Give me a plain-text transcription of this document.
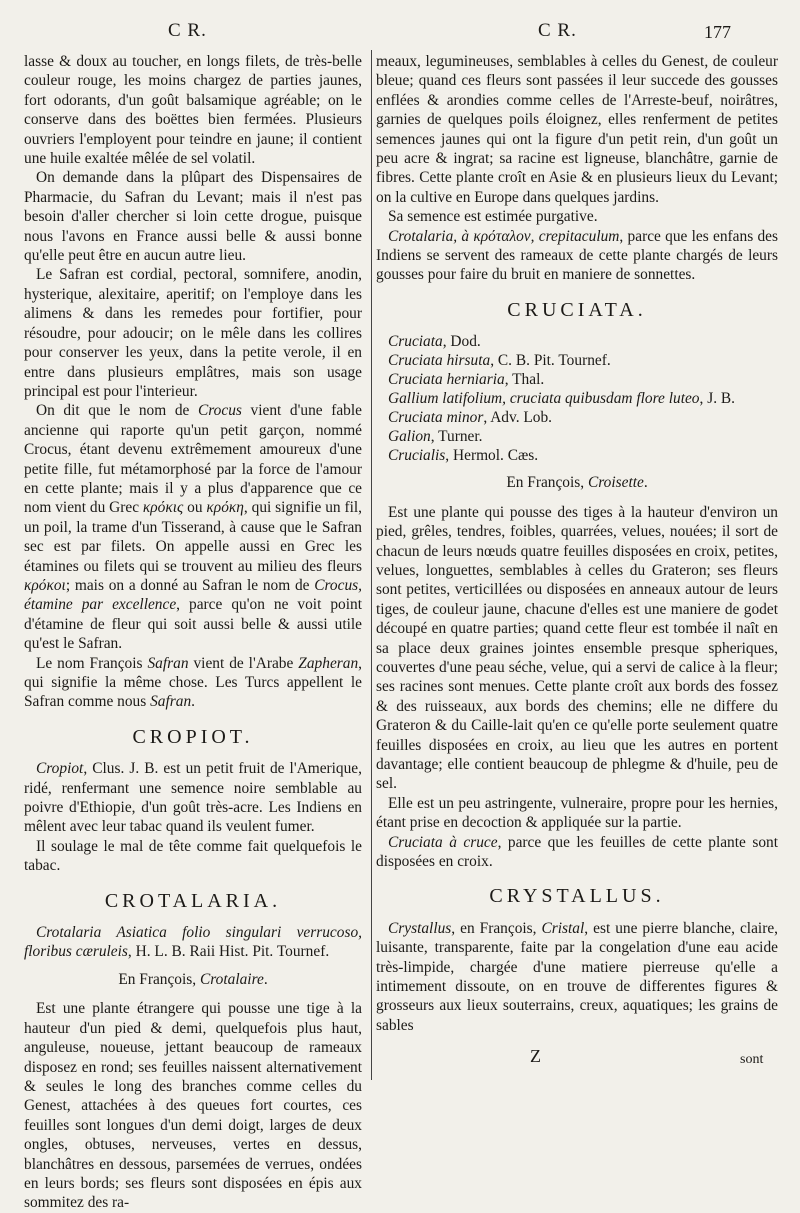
C R.	C R.	177

lasse & doux au toucher, en longs filets, de très-belle couleur rouge, les moins chargez de parties jaunes, fort odorants, d'un goût balsamique agréable; on le conserve dans des boëttes bien fermées. Plusieurs ouvriers l'employent pour teindre en jaune; il contient une huile exaltée mêlée de sel volatil.

On demande dans la plûpart des Dispensaires de Pharmacie, du Safran du Levant; mais il n'est pas besoin d'aller chercher si loin cette drogue, puisque nous l'avons en France aussi belle & aussi bonne qu'elle peut être en aucun autre lieu.

Le Safran est cordial, pectoral, somnifere, anodin, hysterique, alexitaire, aperitif; on l'employe dans les alimens & dans les remedes pour fortifier, pour résoudre, pour adoucir; on le mêle dans les collires pour conserver les yeux, dans la petite verole, il en entre dans plusieurs emplâtres, mais son usage principal est pour l'interieur.

On dit que le nom de Crocus vient d'une fable ancienne qui raporte qu'un petit garçon, nommé Crocus, étant devenu extrêmement amoureux d'une petite fille, fut métamorphosé par la force de l'amour en cette plante; mais il y a plus d'apparence que ce nom vient du Grec κρόκις ou κρόκη, qui signifie un fil, un poil, la trame d'un Tisserand, à cause que le Safran sec est par filets. On appelle aussi en Grec les étamines ou filets qui se trouvent au milieu des fleurs κρόκοι; mais on a donné au Safran le nom de Crocus, étamine par excellence, parce qu'on ne voit point d'étamine de fleur qui soit aussi belle & aussi utile qu'est le Safran.

Le nom François Safran vient de l'Arabe Zapheran, qui signifie la même chose. Les Turcs appellent le Safran comme nous Safran.

CROPIOT.

Cropiot, Clus. J. B. est un petit fruit de l'Amerique, ridé, renfermant une semence noire semblable au poivre d'Ethiopie, d'un goût très-acre. Les Indiens en mêlent avec leur tabac quand ils veulent fumer.

Il soulage le mal de tête comme fait quelquefois le tabac.

CROTALARIA.

Crotalaria Asiatica folio singulari verrucoso, floribus cæruleis, H. L. B. Raii Hist. Pit. Tournef.

En François, Crotalaire.

Est une plante étrangere qui pousse une tige à la hauteur d'un pied & demi, quelquefois plus haut, anguleuse, noueuse, jettant beaucoup de rameaux disposez en rond; ses feuilles naissent alternativement & seules le long des branches comme celles du Genest, attachées à des queues fort courtes, ces feuilles sont longues d'un demi doigt, larges de deux ongles, obtuses, nerveuses, vertes en dessus, blanchâtres en dessous, parsemées de verrues, ondées en leurs bords; ses fleurs sont disposées en épis aux sommitez des ra-

meaux, legumineuses, semblables à celles du Genest, de couleur bleue; quand ces fleurs sont passées il leur succede des gousses enflées & arondies comme celles de l'Arreste-beuf, noirâtres, garnies de quelques poils éloignez, elles renferment de petites semences jaunes qui ont la figure d'un petit rein, d'un goût un peu acre & ingrat; sa racine est ligneuse, blanchâtre, garnie de fibres. Cette plante croît en Asie & en plusieurs lieux du Levant; on la cultive en Europe dans quelques jardins.

Sa semence est estimée purgative.

Crotalaria, à κρόταλον, crepitaculum, parce que les enfans des Indiens se servent des rameaux de cette plante chargés de leurs gousses pour faire du bruit en maniere de sonnettes.

CRUCIATA.

Cruciata, Dod.

Cruciata hirsuta, C. B. Pit. Tournef.

Cruciata herniaria, Thal.

Gallium latifolium, cruciata quibusdam flore luteo, J. B.

Cruciata minor, Adv. Lob.

Galion, Turner.

Crucialis, Hermol. Cæs.

En François, Croisette.

Est une plante qui pousse des tiges à la hauteur d'environ un pied, grêles, tendres, foibles, quarrées, velues, nouées; il sort de chacun de leurs nœuds quatre feuilles disposées en croix, petites, velues, longuettes, semblables à celles du Grateron; ses fleurs sont petites, verticillées ou disposées en anneaux autour de leurs tiges, de couleur jaune, chacune d'elles est une maniere de godet découpé en quatre parties; quand cette fleur est tombée il naît en sa place deux graines jointes ensemble presque spheriques, couvertes d'une peau séche, velue, qui a servi de calice à la fleur; ses racines sont menues. Cette plante croît aux bords des fossez & des ruisseaux, aux bords des chemins; elle ne differe du Grateron & du Caille-lait qu'en ce qu'elle porte seulement quatre feuilles disposées en croix, au lieu que les autres en portent davantage; elle contient beaucoup de phlegme & d'huile, peu de sel.

Elle est un peu astringente, vulneraire, propre pour les hernies, étant prise en decoction & appliquée sur la partie.

Cruciata à cruce, parce que les feuilles de cette plante sont disposées en croix.

CRYSTALLUS.

Crystallus, en François, Cristal, est une pierre blanche, claire, luisante, transparente, faite par la congelation d'une eau acide très-limpide, chargée d'une matiere pierreuse qu'elle a intimement dissoute, on en trouve de differentes figures & grosseurs aux lieux souterrains, creux, aquatiques; les grains de sables

Z	sont
